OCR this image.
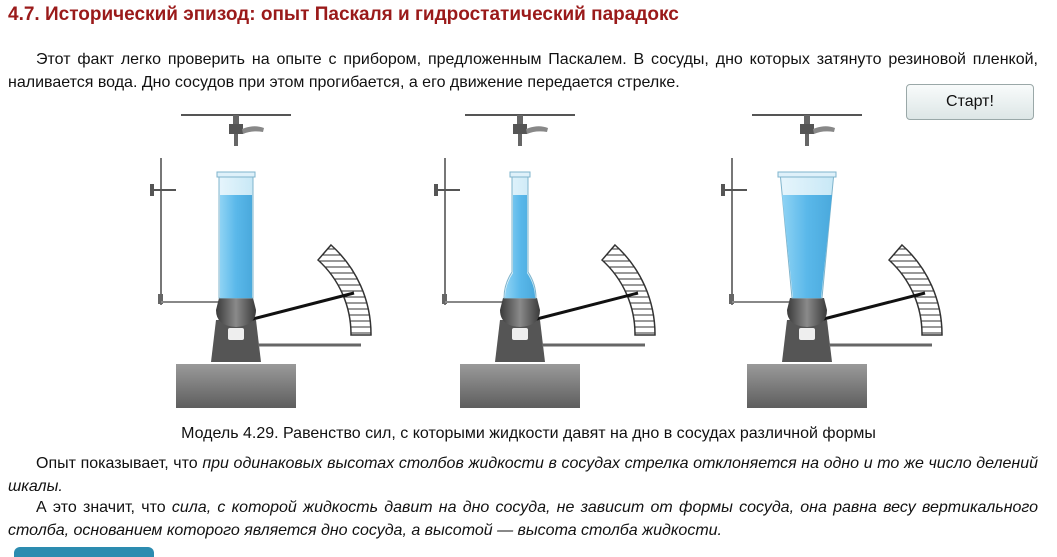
4.7. Исторический эпизод: опыт Паскаля и гидростатический парадокс
Этот факт легко проверить на опыте с прибором, предложенным Паскалем. В сосуды, дно которых затянуто резиновой пленкой, наливается вода. Дно сосудов при этом прогибается, а его движение передается стрелке.
Старт!
Модель 4.29. Равенство сил, с которыми жидкости давят на дно в сосудах различной формы
Опыт показывает, что при одинаковых высотах столбов жидкости в сосудах стрелка отклоняется на одно и то же число делений шкалы.
А это значит, что сила, с которой жидкость давит на дно сосуда, не зависит от формы сосуда, она равна весу вертикального столба, основанием которого является дно сосуда, а высотой — высота столба жидкости.
